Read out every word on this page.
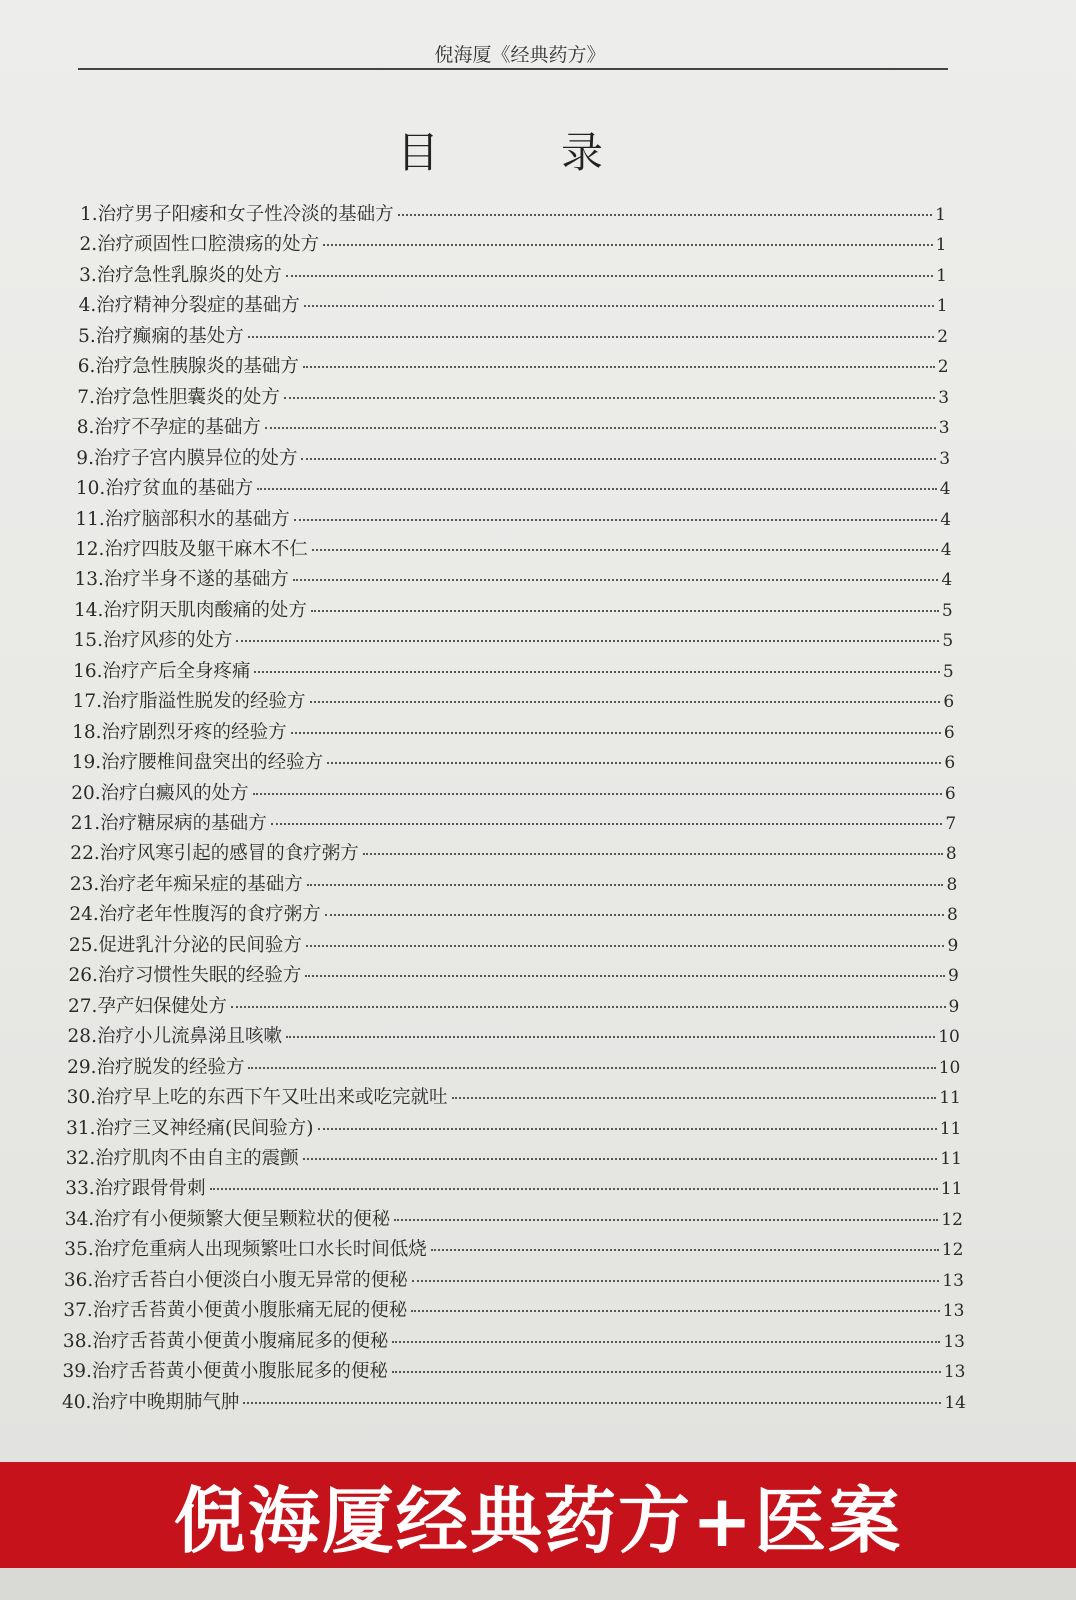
倪海厦《经典药方》
目　录
1.治疗男子阳痿和女子性冷淡的基础方	1
2.治疗顽固性口腔溃疡的处方	1
3.治疗急性乳腺炎的处方	1
4.治疗精神分裂症的基础方	1
5.治疗癫痫的基处方	2
6.治疗急性胰腺炎的基础方	2
7.治疗急性胆囊炎的处方	3
8.治疗不孕症的基础方	3
9.治疗子宫内膜异位的处方	3
10.治疗贫血的基础方	4
11.治疗脑部积水的基础方	4
12.治疗四肢及躯干麻木不仁	4
13.治疗半身不遂的基础方	4
14.治疗阴天肌肉酸痛的处方	5
15.治疗风疹的处方	5
16.治疗产后全身疼痛	5
17.治疗脂溢性脱发的经验方	6
18.治疗剧烈牙疼的经验方	6
19.治疗腰椎间盘突出的经验方	6
20.治疗白癜风的处方	6
21.治疗糖尿病的基础方	7
22.治疗风寒引起的感冒的食疗粥方	8
23.治疗老年痴呆症的基础方	8
24.治疗老年性腹泻的食疗粥方	8
25.促进乳汁分泌的民间验方	9
26.治疗习惯性失眠的经验方	9
27.孕产妇保健处方	9
28.治疗小儿流鼻涕且咳嗽	10
29.治疗脱发的经验方	10
30.治疗早上吃的东西下午又吐出来或吃完就吐	11
31.治疗三叉神经痛(民间验方)	11
32.治疗肌肉不由自主的震颤	11
33.治疗跟骨骨刺	11
34.治疗有小便频繁大便呈颗粒状的便秘	12
35.治疗危重病人出现频繁吐口水长时间低烧	12
36.治疗舌苔白小便淡白小腹无异常的便秘	13
37.治疗舌苔黄小便黄小腹胀痛无屁的便秘	13
38.治疗舌苔黄小便黄小腹痛屁多的便秘	13
39.治疗舌苔黄小便黄小腹胀屁多的便秘	13
40.治疗中晚期肺气肿	14
倪海厦经典药方+医案
